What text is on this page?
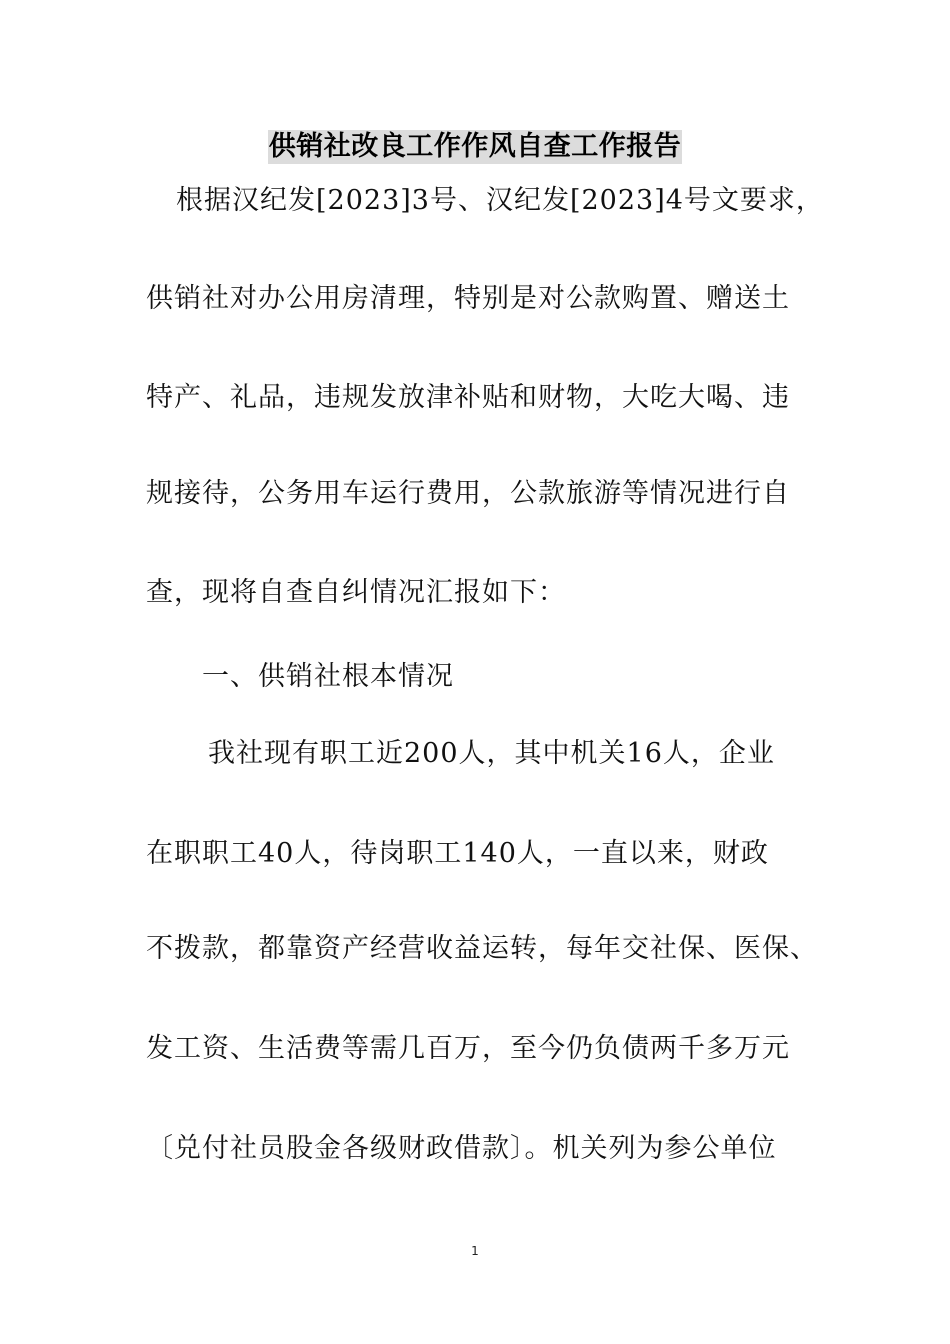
供销社改良工作作风自查工作报告
根据汉纪发[2023]3号、汉纪发[2023]4号文要求，
供销社对办公用房清理，特别是对公款购置、赠送土
特产、礼品，违规发放津补贴和财物，大吃大喝、违
规接待，公务用车运行费用，公款旅游等情况进行自
查，现将自查自纠情况汇报如下：
一、供销社根本情况
我社现有职工近200人，其中机关16人，企业
在职职工40人，待岗职工140人，一直以来，财政
不拨款，都靠资产经营收益运转，每年交社保、医保、
发工资、生活费等需几百万，至今仍负债两千多万元
〔兑付社员股金各级财政借款〕。机关列为参公单位
1
